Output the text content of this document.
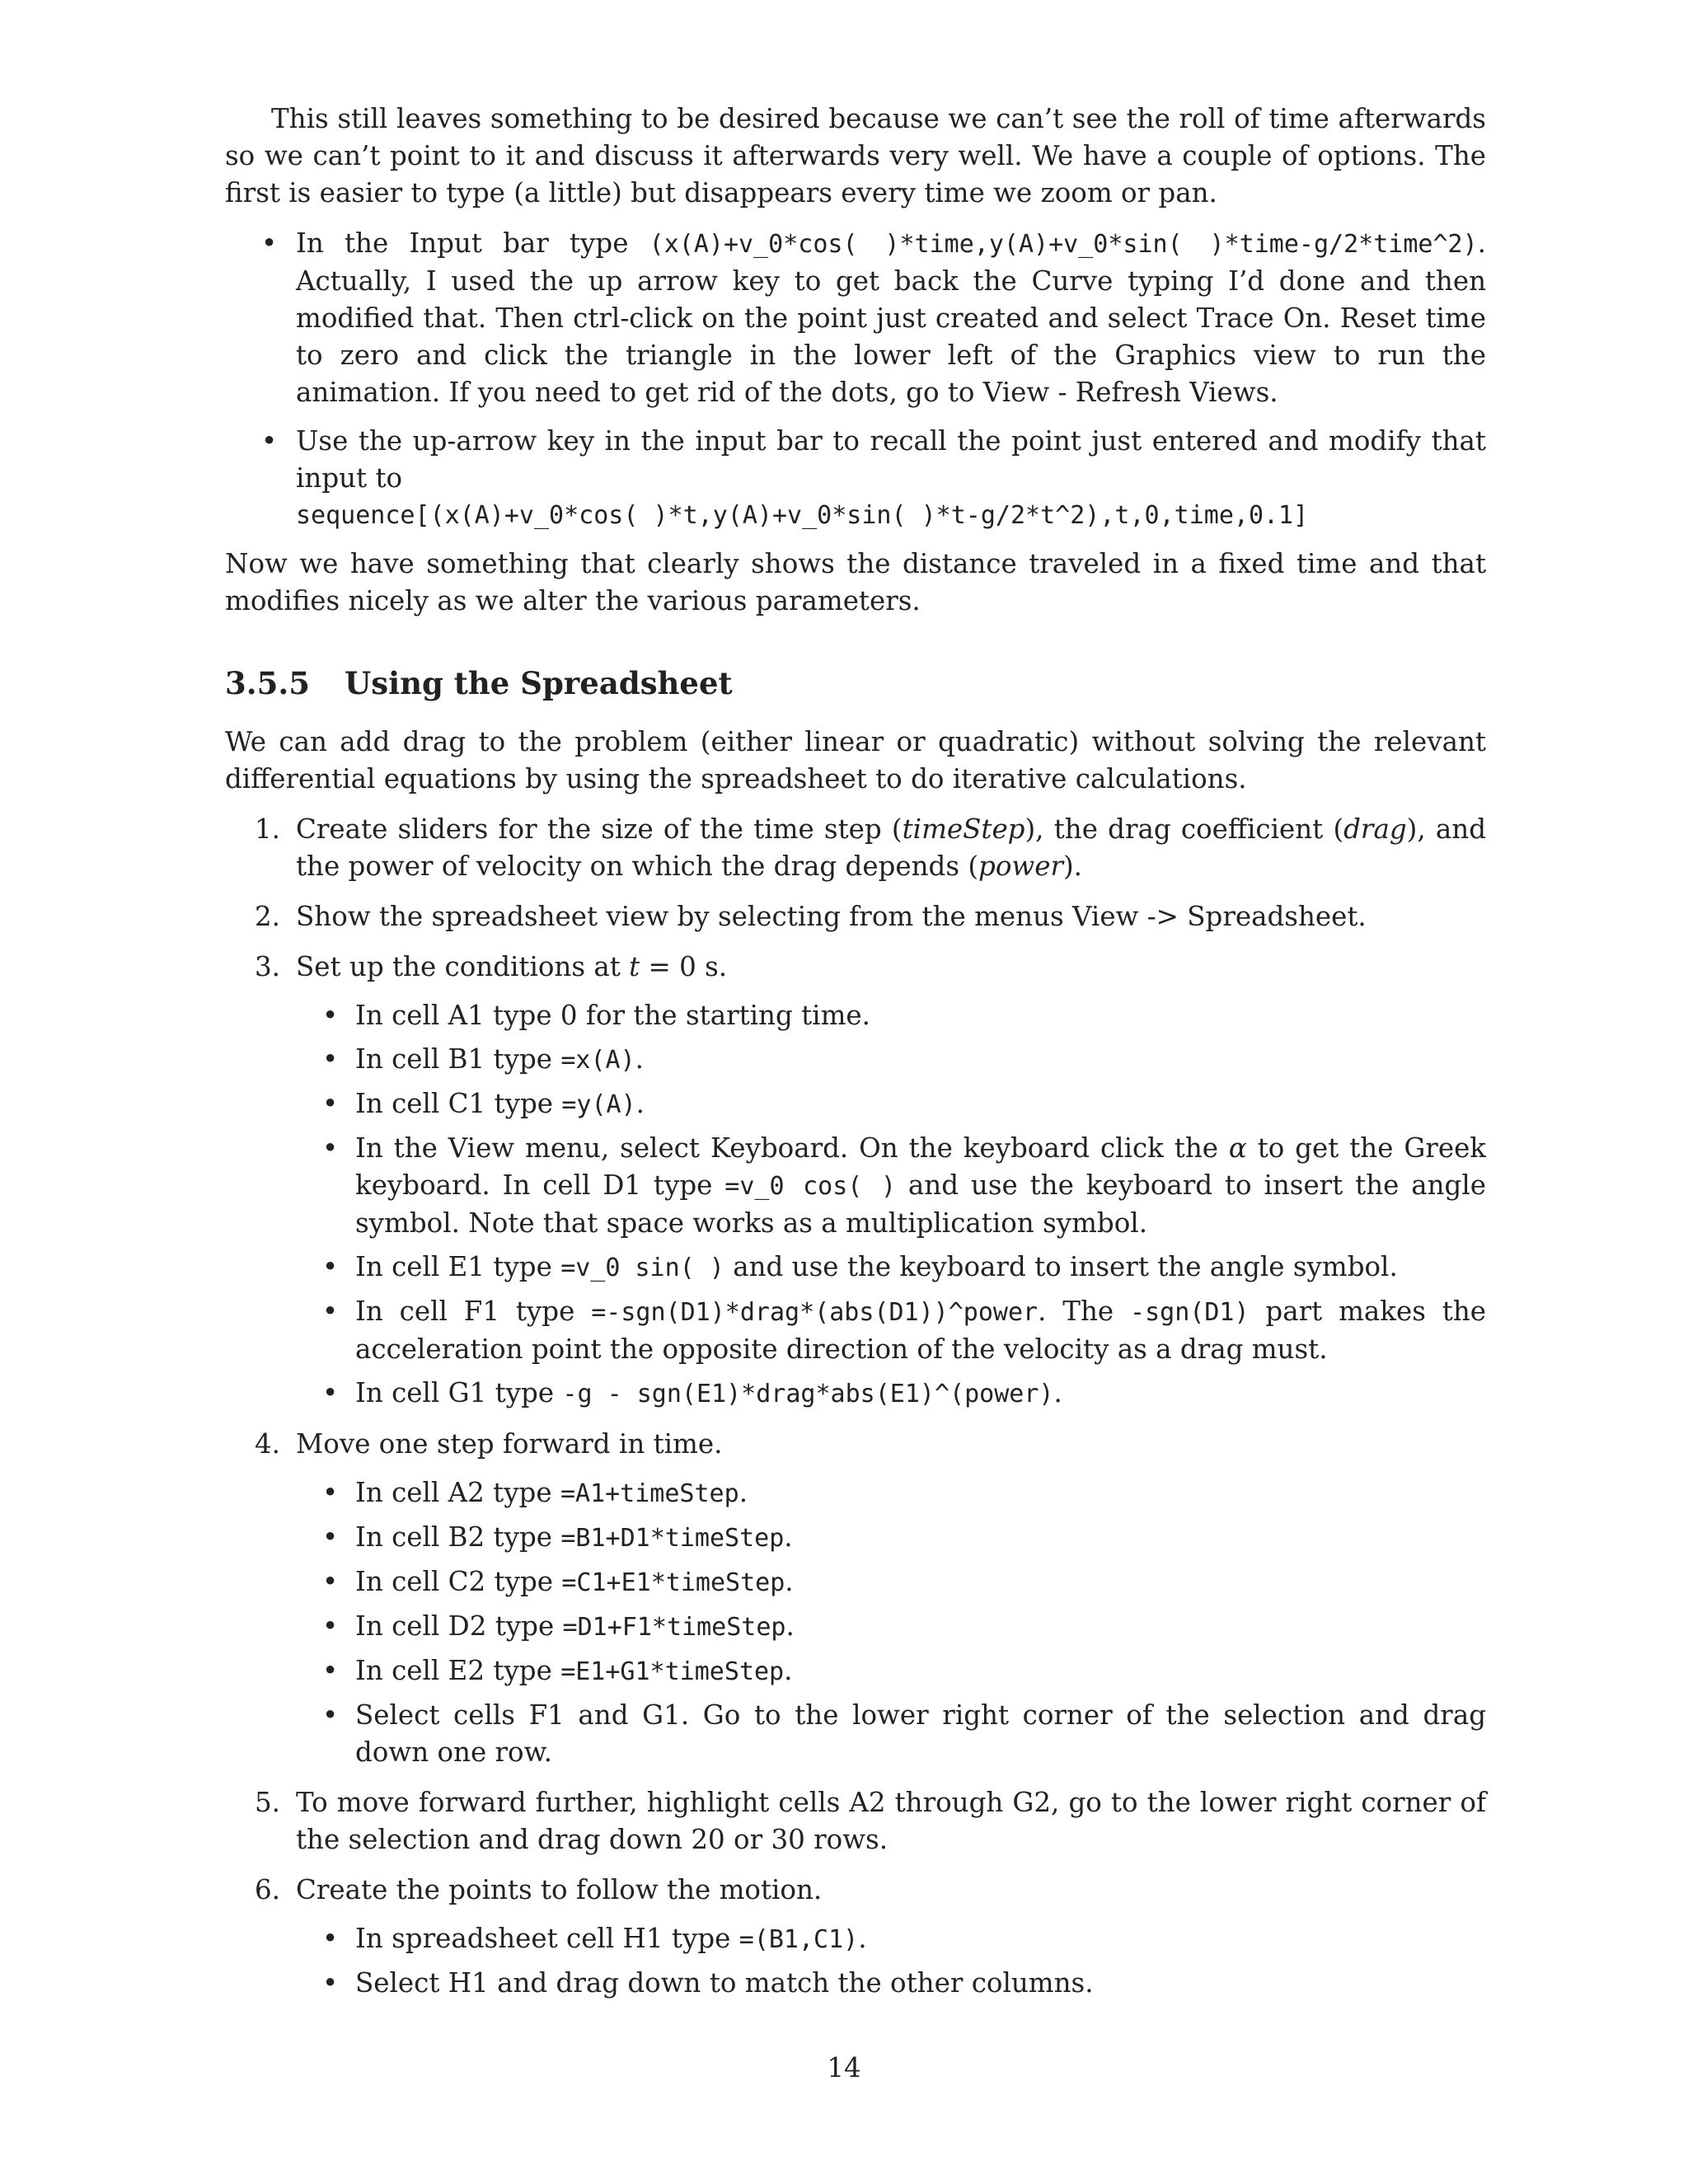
This still leaves something to be desired because we can’t see the roll of time afterwards so we can’t point to it and discuss it afterwards very well. We have a couple of options. The first is easier to type (a little) but disappears every time we zoom or pan.

• In the Input bar type (x(A)+v_0*cos( )*time,y(A)+v_0*sin( )*time-g/2*time^2). Actually, I used the up arrow key to get back the Curve typing I’d done and then modified that. Then ctrl-click on the point just created and select Trace On. Reset time to zero and click the triangle in the lower left of the Graphics view to run the animation. If you need to get rid of the dots, go to View - Refresh Views.
• Use the up-arrow key in the input bar to recall the point just entered and modify that input to
sequence[(x(A)+v_0*cos( )*t,y(A)+v_0*sin( )*t-g/2*t^2),t,0,time,0.1]

Now we have something that clearly shows the distance traveled in a fixed time and that modifies nicely as we alter the various parameters.

3.5.5 Using the Spreadsheet

We can add drag to the problem (either linear or quadratic) without solving the relevant differential equations by using the spreadsheet to do iterative calculations.

1. Create sliders for the size of the time step (timeStep), the drag coefficient (drag), and the power of velocity on which the drag depends (power).
2. Show the spreadsheet view by selecting from the menus View -> Spreadsheet.
3. Set up the conditions at t = 0 s.
• In cell A1 type 0 for the starting time.
• In cell B1 type =x(A).
• In cell C1 type =y(A).
• In the View menu, select Keyboard. On the keyboard click the α to get the Greek keyboard. In cell D1 type =v_0 cos( ) and use the keyboard to insert the angle symbol. Note that space works as a multiplication symbol.
• In cell E1 type =v_0 sin( ) and use the keyboard to insert the angle symbol.
• In cell F1 type =-sgn(D1)*drag*(abs(D1))^power. The -sgn(D1) part makes the acceleration point the opposite direction of the velocity as a drag must.
• In cell G1 type -g - sgn(E1)*drag*abs(E1)^(power).
4. Move one step forward in time.
• In cell A2 type =A1+timeStep.
• In cell B2 type =B1+D1*timeStep.
• In cell C2 type =C1+E1*timeStep.
• In cell D2 type =D1+F1*timeStep.
• In cell E2 type =E1+G1*timeStep.
• Select cells F1 and G1. Go to the lower right corner of the selection and drag down one row.
5. To move forward further, highlight cells A2 through G2, go to the lower right corner of the selection and drag down 20 or 30 rows.
6. Create the points to follow the motion.
• In spreadsheet cell H1 type =(B1,C1).
• Select H1 and drag down to match the other columns.
14
